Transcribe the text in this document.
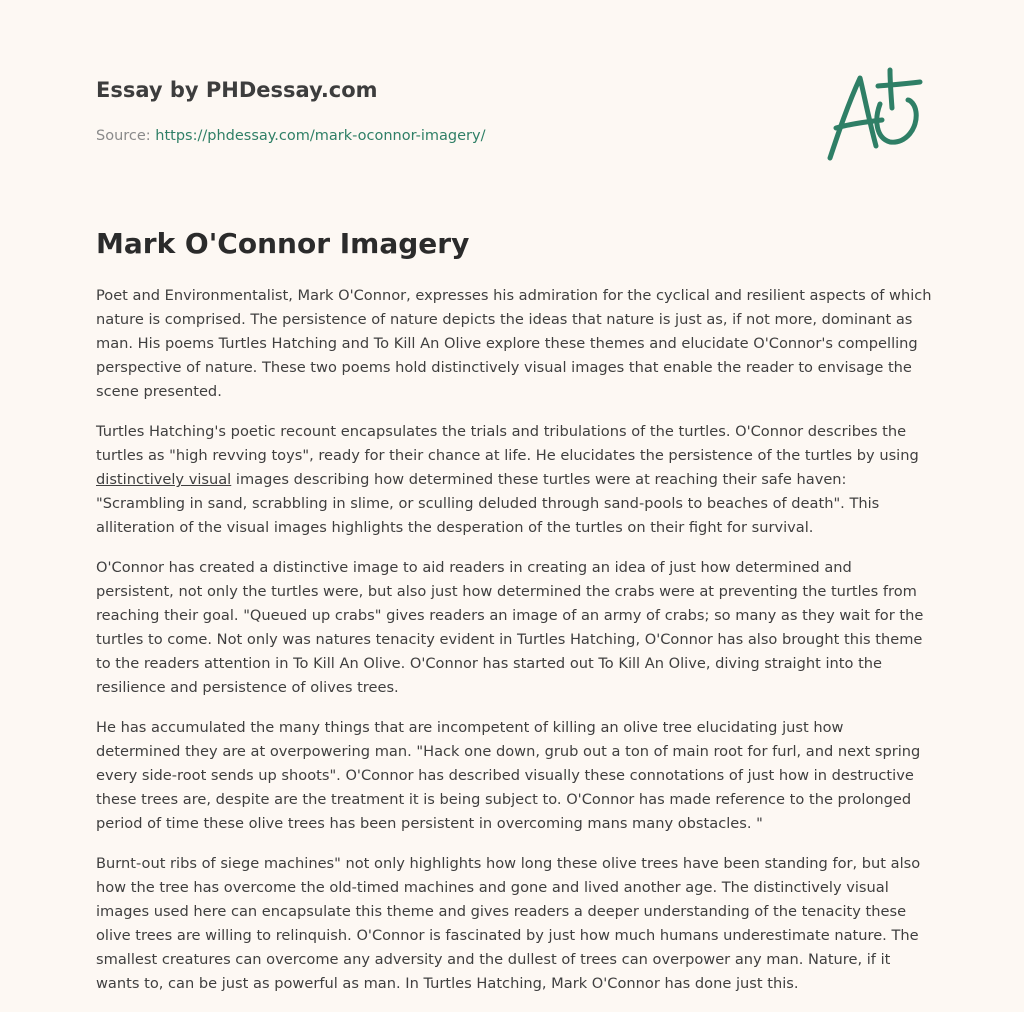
Essay by PHDessay.com
Source: https://phdessay.com/mark-oconnor-imagery/
Mark O'Connor Imagery

Poet and Environmentalist, Mark O'Connor, expresses his admiration for the cyclical and resilient aspects of which nature is comprised. The persistence of nature depicts the ideas that nature is just as, if not more, dominant as man. His poems Turtles Hatching and To Kill An Olive explore these themes and elucidate O'Connor's compelling perspective of nature. These two poems hold distinctively visual images that enable the reader to envisage the scene presented.

Turtles Hatching's poetic recount encapsulates the trials and tribulations of the turtles. O'Connor describes the turtles as "high revving toys", ready for their chance at life. He elucidates the persistence of the turtles by using distinctively visual images describing how determined these turtles were at reaching their safe haven: "Scrambling in sand, scrabbling in slime, or sculling deluded through sand-pools to beaches of death". This alliteration of the visual images highlights the desperation of the turtles on their fight for survival.

O'Connor has created a distinctive image to aid readers in creating an idea of just how determined and persistent, not only the turtles were, but also just how determined the crabs were at preventing the turtles from reaching their goal. "Queued up crabs" gives readers an image of an army of crabs; so many as they wait for the turtles to come. Not only was natures tenacity evident in Turtles Hatching, O'Connor has also brought this theme to the readers attention in To Kill An Olive. O'Connor has started out To Kill An Olive, diving straight into the resilience and persistence of olives trees.

He has accumulated the many things that are incompetent of killing an olive tree elucidating just how determined they are at overpowering man. "Hack one down, grub out a ton of main root for furl, and next spring every side-root sends up shoots". O'Connor has described visually these connotations of just how in destructive these trees are, despite are the treatment it is being subject to. O'Connor has made reference to the prolonged period of time these olive trees has been persistent in overcoming mans many obstacles. "

Burnt-out ribs of siege machines" not only highlights how long these olive trees have been standing for, but also how the tree has overcome the old-timed machines and gone and lived another age. The distinctively visual images used here can encapsulate this theme and gives readers a deeper understanding of the tenacity these olive trees are willing to relinquish. O'Connor is fascinated by just how much humans underestimate nature. The smallest creatures can overcome any adversity and the dullest of trees can overpower any man. Nature, if it wants to, can be just as powerful as man. In Turtles Hatching, Mark O'Connor has done just this.
